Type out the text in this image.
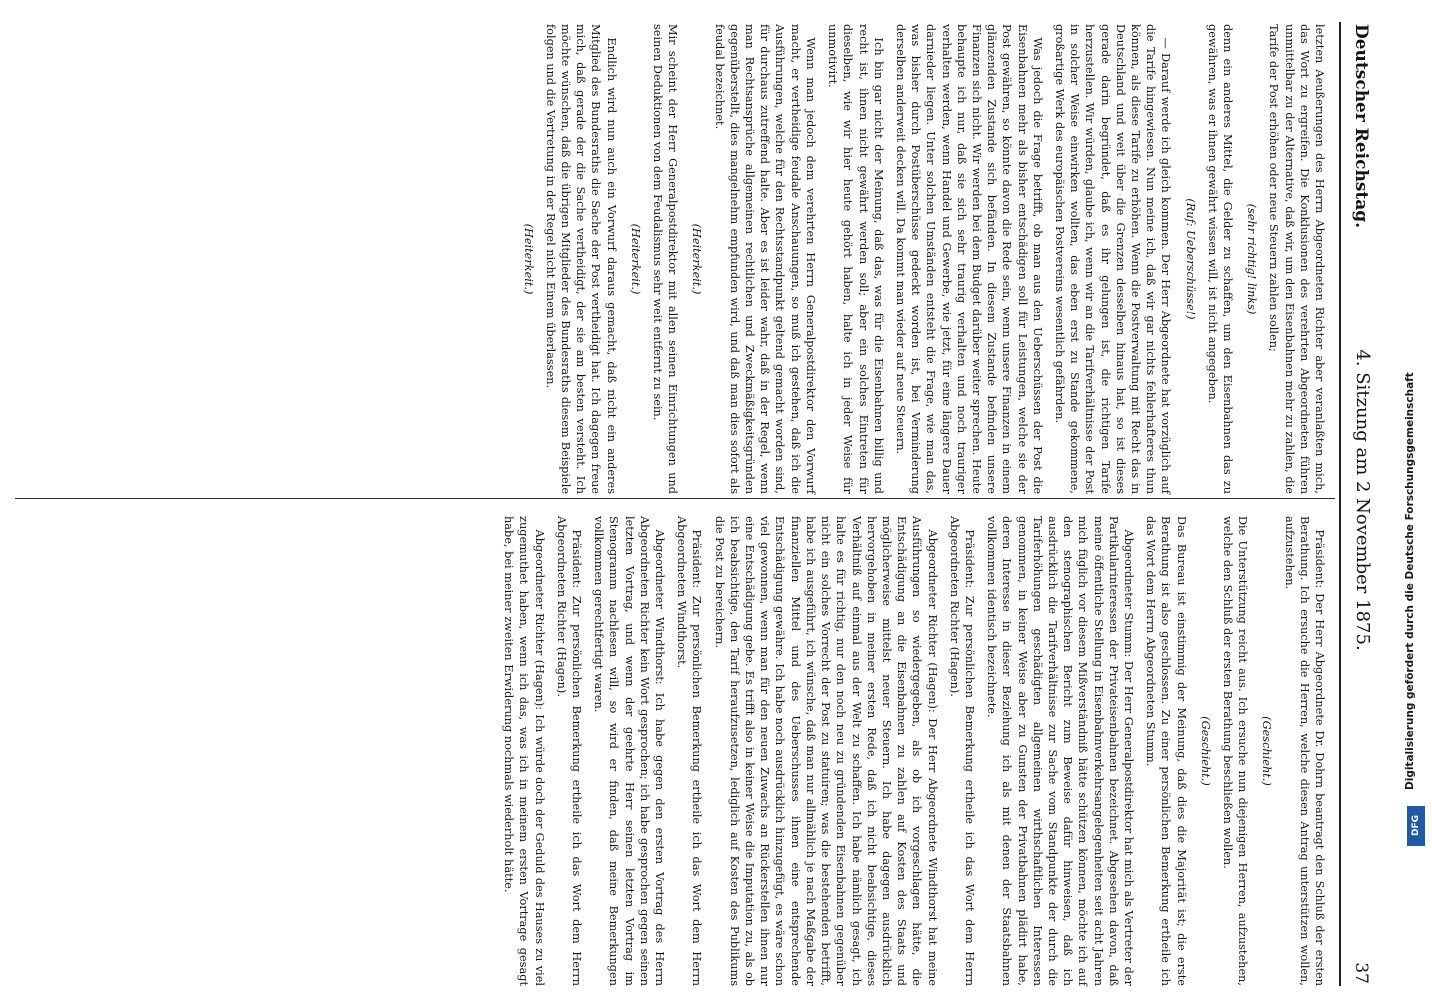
Deutscher Reichstag.
4. Sitzung am 2 November 1875.
37

letzten Aeußerungen des Herrn Abgeordneten Richter aber veranlaßten mich, das Wort zu ergreifen. Die Konklusionen des verehrten Abgeordneten führen unmittelbar zu der Alternative, daß wir, um den Eisenbahnen mehr zu zahlen, die Tarife der Post erhöhen oder neue Steuern zahlen sollen;

(sehr richtig! links)

denn ein anderes Mittel, die Gelder zu schaffen, um den Eisenbahnen das zu gewähren, was er ihnen gewährt wissen will, ist nicht angegeben.

(Ruf: Ueberschüsse!)

— Darauf werde ich gleich kommen. Der Herr Abgeordnete hat vorzüglich auf die Tarife hingewiesen. Nun meine ich, daß wir gar nichts fehlerhafteres thun können, als diese Tarife zu erhöhen. Wenn die Postverwaltung mit Recht das in Deutschland und weit über die Grenzen desselben hinaus hat, so ist dieses gerade darin begründet, daß es ihr gelungen ist, die richtigen Tarife herzustellen. Wir würden, glaube ich, wenn wir an die Tarifverhältnisse der Post in solcher Weise einwirken wollten, das eben erst zu Stande gekommene, großartige Werk des europäischen Postvereins wesentlich gefährden.

Was jedoch die Frage betrifft, ob man aus den Ueberschüssen der Post die Eisenbahnen mehr als bisher entschädigen soll für Leistungen, welche sie der Post gewähren, so könnte davon die Rede sein, wenn unsere Finanzen in einem glänzenden Zustande sich befänden. In diesem Zustande befinden unsere Finanzen sich nicht. Wir werden bei dem Budget darüber weiter sprechen. Heute behaupte ich nur, daß sie sich sehr traurig verhalten und noch trauriger verhalten werden, wenn Handel und Gewerbe, wie jetzt, für eine längere Dauer darnieder liegen. Unter solchen Umständen entsteht die Frage, wie man das, was bisher durch Postüberschüsse gedeckt worden ist, bei Verminderung derselben anderweit decken will. Da kommt man wieder auf neue Steuern.

Ich bin gar nicht der Meinung, daß das, was für die Eisenbahnen billig und recht ist, ihnen nicht gewährt werden soll; aber ein solches Eintreten für dieselben, wie wir hier heute gehört haben, halte ich in jeder Weise für unmotivirt.

Wenn man jedoch dem verehrten Herrn Generalpostdirektor den Vorwurf macht, er vertheidige feudale Anschauungen, so muß ich gestehen, daß ich die Ausführungen, welche für den Rechtsstandpunkt geltend gemacht worden sind, für durchaus zutreffend halte. Aber es ist leider wahr, daß in der Regel, wenn man Rechtsansprüche allgemeinen rechtlichen und Zweckmäßigkeitsgründen gegenüberstellt, dies mangelnehm empfunden wird, und daß man dies sofort als feudal bezeichnet.

(Heiterkeit.)

Mir scheint der Herr Generalpostdirektor mit allen seinen Einrichtungen und seinen Deduktionen von dem Feudalismus sehr weit entfernt zu sein.

(Heiterkeit.)

Endlich wird nun auch ein Vorwurf daraus gemacht, daß nicht ein anderes Mitglied des Bundesraths die Sache der Post vertheidigt hat. Ich dagegen freue mich, daß gerade der die Sache vertheidigt, der sie am besten versteht. Ich möchte wünschen, daß die übrigen Mitglieder des Bundesraths diesem Beispiele folgen und die Vertretung in der Regel nicht Einem überlassen.

(Heiterkeit.)

Präsident: Der Herr Abgeordnete Dr. Dohrn beantragt den Schluß der ersten Berathung. Ich ersuche die Herren, welche diesen Antrag unterstützen wollen, aufzustehen.

(Geschieht.)

Die Unterstützung reicht aus. Ich ersuche nun diejenigen Herren, aufzustehen, welche den Schluß der ersten Berathung beschließen wollen.

(Geschieht.)

Das Bureau ist einstimmig der Meinung, daß dies die Majorität ist; die erste Berathung ist also geschlossen. Zu einer persönlichen Bemerkung ertheile ich das Wort dem Herrn Abgeordneten Stumm.

Abgeordneter Stumm: Der Herr Generalpostdirektor hat mich als Vertreter der Partikularinteressen der Privateisenbahnen bezeichnet. Abgesehen davon, daß meine öffentliche Stellung in Eisenbahnverkehrsangelegenheiten seit acht Jahren mich füglich vor diesem Mißverständniß hätte schützen können, möchte ich auf den stenographischen Bericht zum Beweise dafür hinweisen, daß ich ausdrücklich die Tarifverhältnisse zur Sache vom Standpunkte der durch die Tariferhöhungen geschädigten allgemeinen wirthschaftlichen Interessen genommen, in keiner Weise aber zu Gunsten der Privatbahnen plädirt habe, deren Interesse in dieser Beziehung ich als mit denen der Staatsbahnen vollkommen identisch bezeichnete.

Präsident: Zur persönlichen Bemerkung ertheile ich das Wort dem Herrn Abgeordneten Richter (Hagen).

Abgeordneter Richter (Hagen): Der Herr Abgeordnete Windthorst hat meine Ausführungen so wiedergegeben, als ob ich vorgeschlagen hätte, die Entschädigung an die Eisenbahnen zu zahlen auf Kosten des Staats und möglicherweise mittelst neuer Steuern. Ich habe dagegen ausdrücklich hervorgehoben in meiner ersten Rede, daß ich nicht beabsichtige, dieses Verhältniß auf einmal aus der Welt zu schaffen. Ich habe nämlich gesagt, ich halte es für richtig, nur den noch neu zu gründenden Eisenbahnen gegenüber nicht ein solches Vorrecht der Post zu statuiren; was die bestehenden betrifft, habe ich ausgeführt, ich wünsche, daß man nur allmählich je nach Maßgabe der finanziellen Mittel und des Ueberschusses ihnen eine entsprechende Entschädigung gewähre. Ich habe noch ausdrücklich hinzugefügt, es wäre schon viel gewonnen, wenn man für den neuen Zuwachs an Rückerstellen ihnen nur eine Entschädigung gebe. Es trifft also in keiner Weise die Imputation zu, als ob ich beabsichtige, den Tarif heraufzusetzen, lediglich auf Kosten des Publikums die Post zu bereichern.

Präsident: Zur persönlichen Bemerkung ertheile ich das Wort dem Herrn Abgeordneten Windthorst.

Abgeordneter Windthorst: Ich habe gegen den ersten Vortrag des Herrn Abgeordneten Richter kein Wort gesprochen; ich habe gesprochen gegen seinen letzten Vortrag, und wenn der geehrte Herr seinen letzten Vortrag im Stenogramm nachlesen will, so wird er finden, daß meine Bemerkungen vollkommen gerechtfertigt waren.

Präsident: Zur persönlichen Bemerkung ertheile ich das Wort dem Herrn Abgeordneten Richter (Hagen).

Abgeordneter Richter (Hagen): Ich würde doch der Geduld des Hauses zu viel zugemuthet haben, wenn ich das, was ich in meinem ersten Vortrage gesagt habe, bei meiner zweiten Erwiderung nochmals wiederholt hätte.	Digitalisierung gefördert durch die Deutsche Forschungsgemeinschaft
DFG
